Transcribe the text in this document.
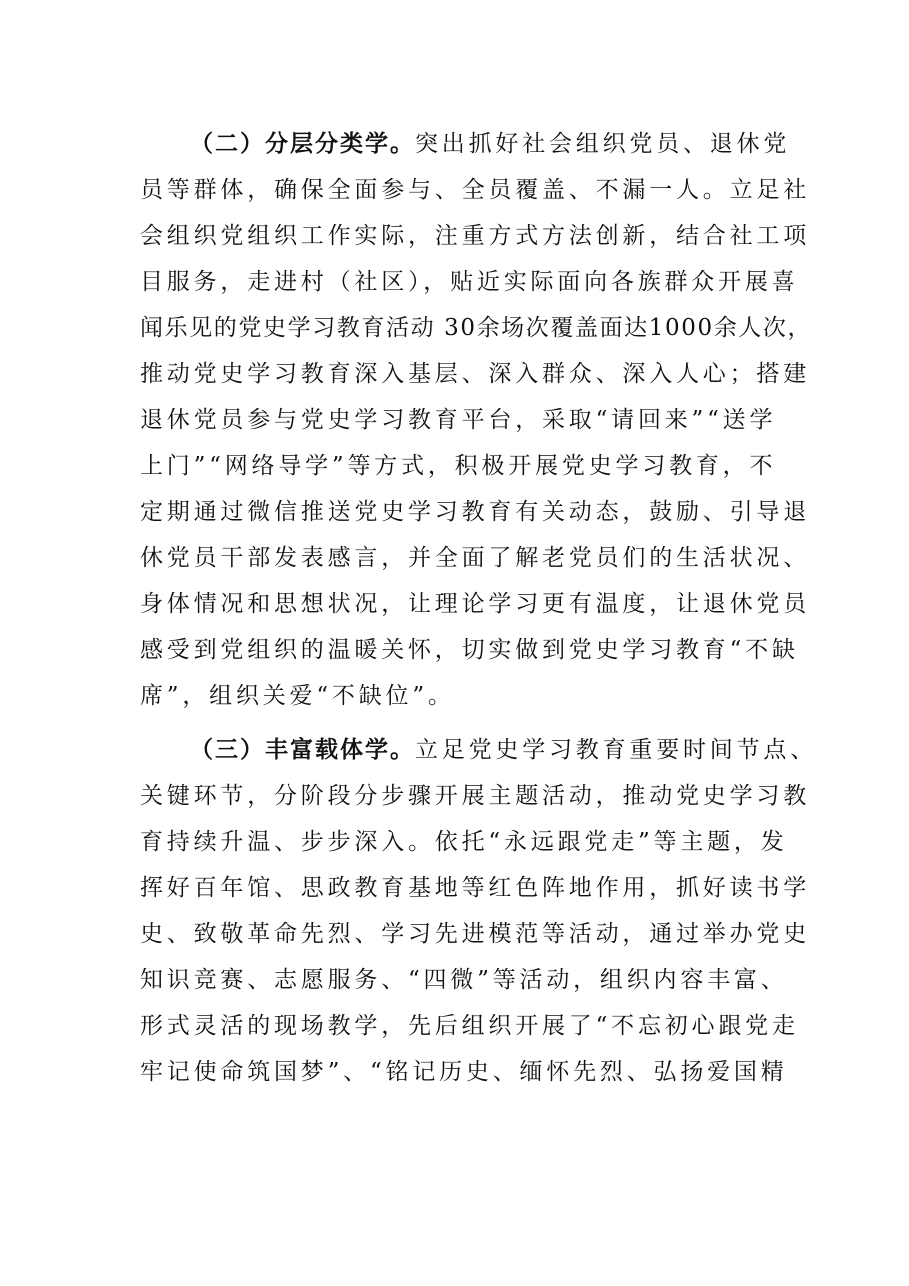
（二）分层分类学。突出抓好社会组织党员、退休党
员等群体，确保全面参与、全员覆盖、不漏一人。立足社
会组织党组织工作实际，注重方式方法创新，结合社工项
目服务，走进村（社区），贴近实际面向各族群众开展喜
闻乐见的党史学习教育活动 30余场次覆盖面达1000余人次，
推动党史学习教育深入基层、深入群众、深入人心；搭建
退休党员参与党史学习教育平台，采取“请回来”“送学
上门”“网络导学”等方式，积极开展党史学习教育，不
定期通过微信推送党史学习教育有关动态，鼓励、引导退
休党员干部发表感言，并全面了解老党员们的生活状况、
身体情况和思想状况，让理论学习更有温度，让退休党员
感受到党组织的温暖关怀，切实做到党史学习教育“不缺
席”，组织关爱“不缺位”。
（三）丰富载体学。立足党史学习教育重要时间节点、
关键环节，分阶段分步骤开展主题活动，推动党史学习教
育持续升温、步步深入。依托“永远跟党走”等主题，发
挥好百年馆、思政教育基地等红色阵地作用，抓好读书学
史、致敬革命先烈、学习先进模范等活动，通过举办党史
知识竞赛、志愿服务、“四微”等活动，组织内容丰富、
形式灵活的现场教学，先后组织开展了“不忘初心跟党走
牢记使命筑国梦”、“铭记历史、缅怀先烈、弘扬爱国精
